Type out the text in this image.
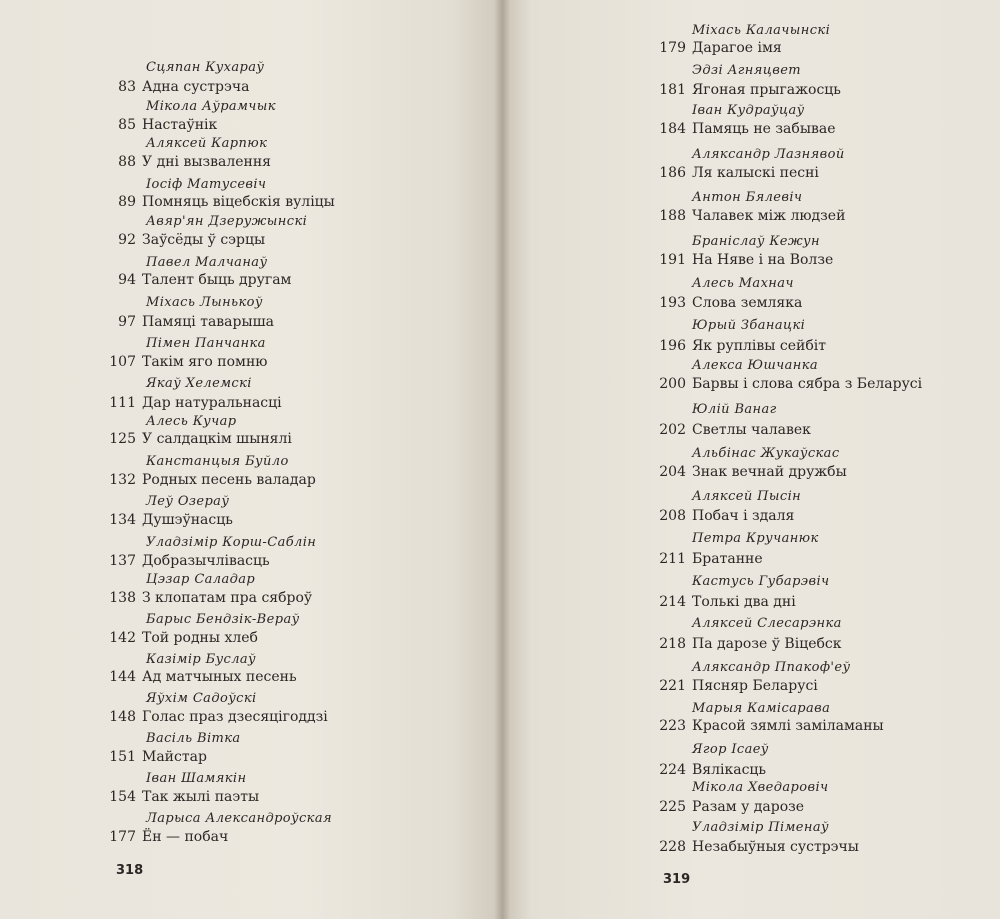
Сцяпан Кухараў
83 Адна сустрэча
Мікола Аўрамчык
85 Настаўнік
Аляксей Карпюк
88 У дні вызвалення
Іосіф Матусевіч
89 Помняць віцебскія вуліцы
Авяр'ян Дзеружынскі
92 Заўсёды ў сэрцы
Павел Малчанаў
94 Талент быць другам
Міхась Лынькоў
97 Памяці таварыша
Пімен Панчанка
107 Такім яго помню
Якаў Хелемскі
111 Дар натуральнасці
Алесь Кучар
125 У салдацкім шынялі
Канстанцыя Буйло
132 Родных песень валадар
Леў Озераў
134 Душэўнасць
Уладзімір Корш-Саблін
137 Добразычлівасць
Цэзар Саладар
138 З клопатам пра сяброў
Барыс Бендзік-Вераў
142 Той родны хлеб
Казімір Буслаў
144 Ад матчыных песень
Яўхім Садоўскі
148 Голас праз дзесяцігоддзі
Васіль Вітка
151 Майстар
Іван Шамякін
154 Так жылі паэты
Ларыса Александроўская
177 Ён — побач
318
Міхась Калачынскі
179 Дарагое імя
Эдзі Агняцвет
181 Ягоная прыгажосць
Іван Кудраўцаў
184 Памяць не забывае
Аляксандр Лазнявой
186 Ля калыскі песні
Антон Бялевіч
188 Чалавек між людзей
Бранiслаў Кежун
191 На Няве і на Волзе
Алесь Махнач
193 Слова земляка
Юрый Збанацкі
196 Як руплівы сейбіт
Алекса Юшчанка
200 Барвы і слова сябра з Беларусі
Юлій Ванаг
202 Светлы чалавек
Альбінас Жукаўскас
204 Знак вечнай дружбы
Аляксей Пысін
208 Побач і здаля
Петра Кручанюк
211 Братанне
Кастусь Губарэвіч
214 Толькі два дні
Аляксей Слесарэнка
218 Па дарозе ў Віцебск
Аляксандр Ппакоф'еў
221 Пясняр Беларусі
Марыя Камісарава
223 Красой зямлі заміламаны
Ягор Ісаеў
224 Вялікасць
Мікола Хведаровіч
225 Разам у дарозе
Уладзімір Піменаў
228 Незабыўныя сустрэчы
319
